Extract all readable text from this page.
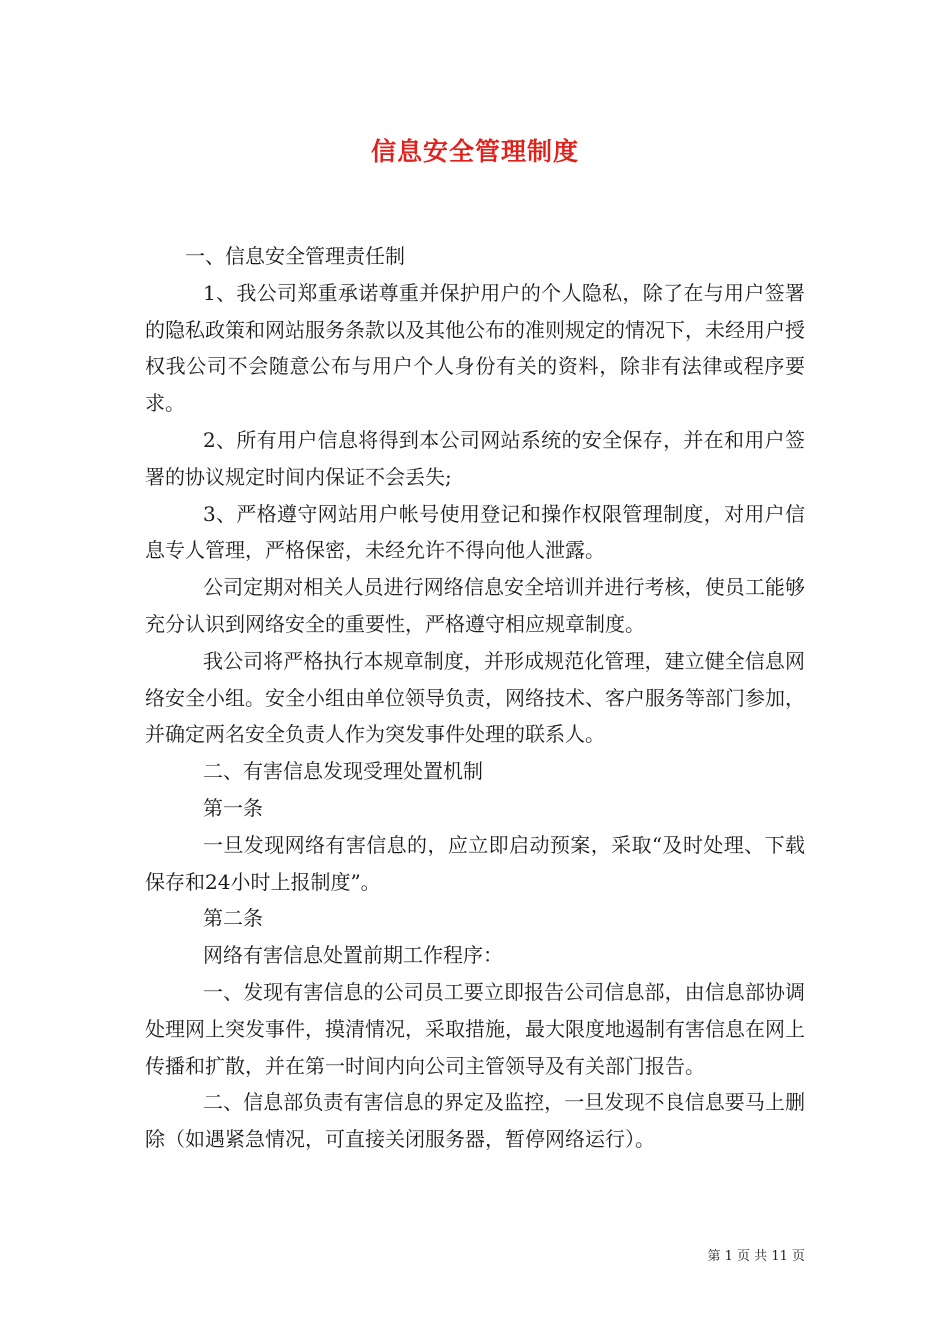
信息安全管理制度

一、信息安全管理责任制

1、我公司郑重承诺尊重并保护用户的个人隐私，除了在与用户签署的隐私政策和网站服务条款以及其他公布的准则规定的情况下，未经用户授权我公司不会随意公布与用户个人身份有关的资料，除非有法律或程序要求。

2、所有用户信息将得到本公司网站系统的安全保存，并在和用户签署的协议规定时间内保证不会丢失;

3、严格遵守网站用户帐号使用登记和操作权限管理制度，对用户信息专人管理，严格保密，未经允许不得向他人泄露。

公司定期对相关人员进行网络信息安全培训并进行考核，使员工能够充分认识到网络安全的重要性，严格遵守相应规章制度。

我公司将严格执行本规章制度，并形成规范化管理，建立健全信息网络安全小组。安全小组由单位领导负责，网络技术、客户服务等部门参加，并确定两名安全负责人作为突发事件处理的联系人。

二、有害信息发现受理处置机制

第一条

一旦发现网络有害信息的，应立即启动预案，采取“及时处理、下载保存和24小时上报制度”。

第二条

网络有害信息处置前期工作程序：

一、发现有害信息的公司员工要立即报告公司信息部，由信息部协调处理网上突发事件，摸清情况，采取措施，最大限度地遏制有害信息在网上传播和扩散，并在第一时间内向公司主管领导及有关部门报告。

二、信息部负责有害信息的界定及监控，一旦发现不良信息要马上删除（如遇紧急情况，可直接关闭服务器，暂停网络运行）。

第 1 页 共 11 页
